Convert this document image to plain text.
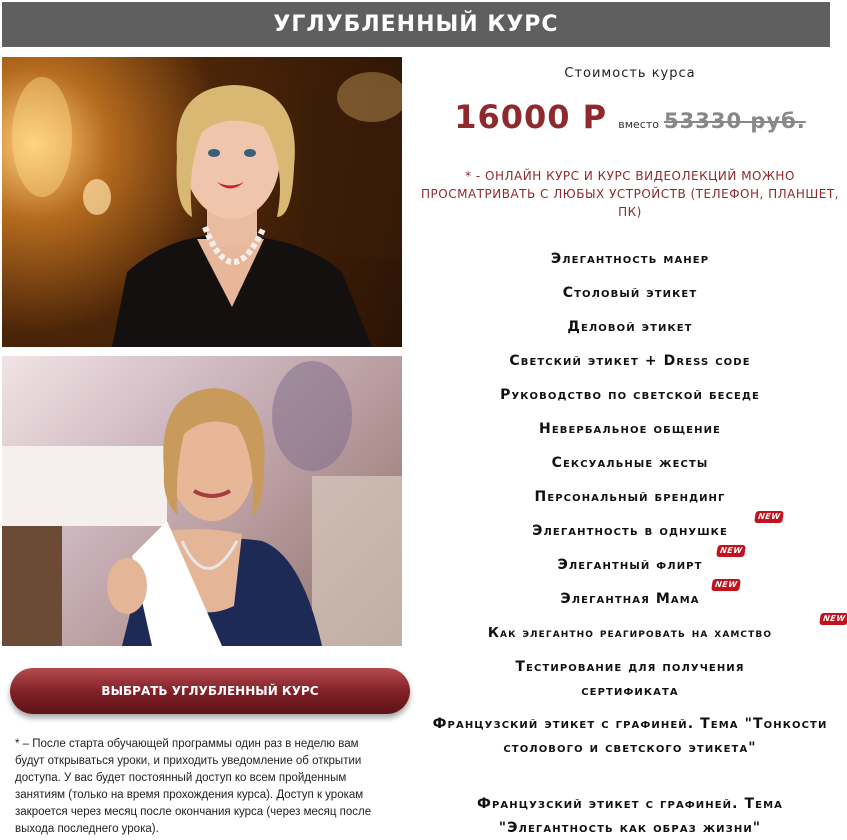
УГЛУБЛЕННЫЙ КУРС
ВЫБРАТЬ УГЛУБЛЕННЫЙ КУРС

* – После старта обучающей программы один раз в неделю вам будут открываться уроки, и приходить уведомление об открытии доступа. У вас будет постоянный доступ ко всем пройденным занятиям (только на время прохождения курса). Доступ к урокам закроется через месяц после окончания курса (через месяц после выхода последнего урока).

Стоимость курса
16000 Р вместо 53330 руб.
* - ОНЛАЙН КУРС И КУРС ВИДЕОЛЕКЦИЙ МОЖНО ПРОСМАТРИВАТЬ С ЛЮБЫХ УСТРОЙСТВ (ТЕЛЕФОН, ПЛАНШЕТ, ПК)
Элегантность манер
Столовый этикет
Деловой этикет
Светский этикет + Dress code
Руководство по светской беседе
Невербальное общение
Сексуальные жесты
Персональный брендинг
Элегантность в однушке
NEW
Элегантный флирт
NEW
Элегантная Мама
NEW
Как элегантно реагировать на хамство
NEW
Тестирование для получения сертификата
Французский этикет с графиней. Тема "Тонкости столового и светского этикета"
Французский этикет с графиней. Тема "Элегантность как образ жизни"
